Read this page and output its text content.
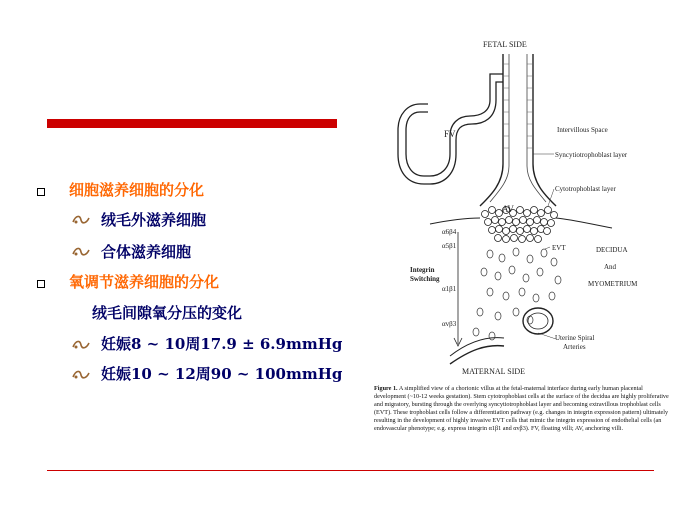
细胞滋养细胞的分化
绒毛外滋养细胞
合体滋养细胞
氧调节滋养细胞的分化
绒毛间隙氧分压的变化
妊娠8 ~ 10周17.9 ± 6.9mmHg
妊娠10 ~ 12周90 ~ 100mmHg
FETAL SIDE
FV	Intervillous Space
Syncytiotrophoblast layer
Cytotrophoblast layer
AV
α6β4
α5β1	EVT	DECIDUA
And
MYOMETRIUM
Integrin
Switching
α1β1
αvβ3
Uterine Spiral
Arteries
MATERNAL SIDE
Figure 1. A simplified view of a chorionic villus at the fetal-maternal interface during early human placental development (~10-12 weeks gestation). Stem cytotrophoblast cells at the surface of the decidua are highly proliferative and migratory, bursting through the overlying syncytiotrophoblast layer and becoming extravillous trophoblast cells (EVT). These trophoblast cells follow a differentiation pathway (e.g. changes in integrin expression pattern) ultimately resulting in the development of highly invasive EVT cells that mimic the integrin expression of endothelial cells (an endovascular phenotype; e.g. express integrin α1β1 and αvβ3). FV, floating villi; AV, anchoring villi.
